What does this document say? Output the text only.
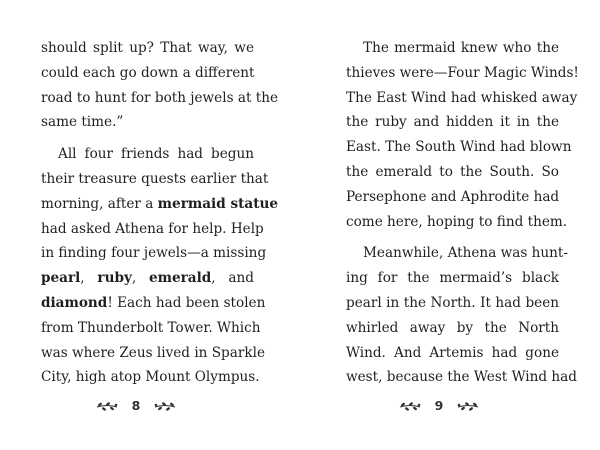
should split up? That way, we
could each go down a different
road to hunt for both jewels at the
same time.”
All four friends had begun
their treasure quests earlier that
morning, after a mermaid statue
had asked Athena for help. Help
in finding four jewels—a missing
pearl, ruby, emerald, and
diamond! Each had been stolen
from Thunderbolt Tower. Which
was where Zeus lived in Sparkle
City, high atop Mount Olympus.
8
The mermaid knew who the
thieves were—Four Magic Winds!
The East Wind had whisked away
the ruby and hidden it in the
East. The South Wind had blown
the emerald to the South. So
Persephone and Aphrodite had
come here, hoping to find them.
Meanwhile, Athena was hunt-
ing for the mermaid’s black
pearl in the North. It had been
whirled away by the North
Wind. And Artemis had gone
west, because the West Wind had
9
